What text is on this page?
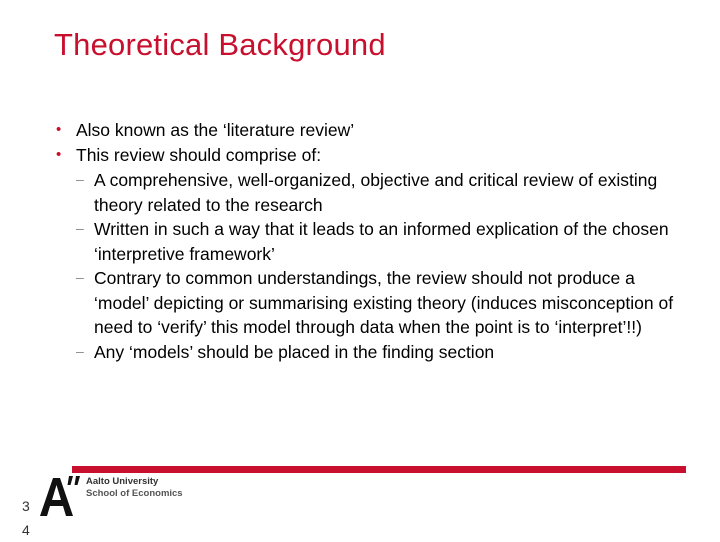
Theoretical Background
• Also known as the ‘literature review’
• This review should comprise of:
– A comprehensive, well-organized, objective and critical review of existing theory related to the research
– Written in such a way that it leads to an informed explication of the chosen ‘interpretive framework’
– Contrary to common understandings, the review should not produce a ‘model’ depicting or summarising existing theory (induces misconception of need to ‘verify’ this model through data when the point is to ‘interpret’!!)
– Any ‘models’ should be placed in the finding section
Aalto University
School of Economics
34
